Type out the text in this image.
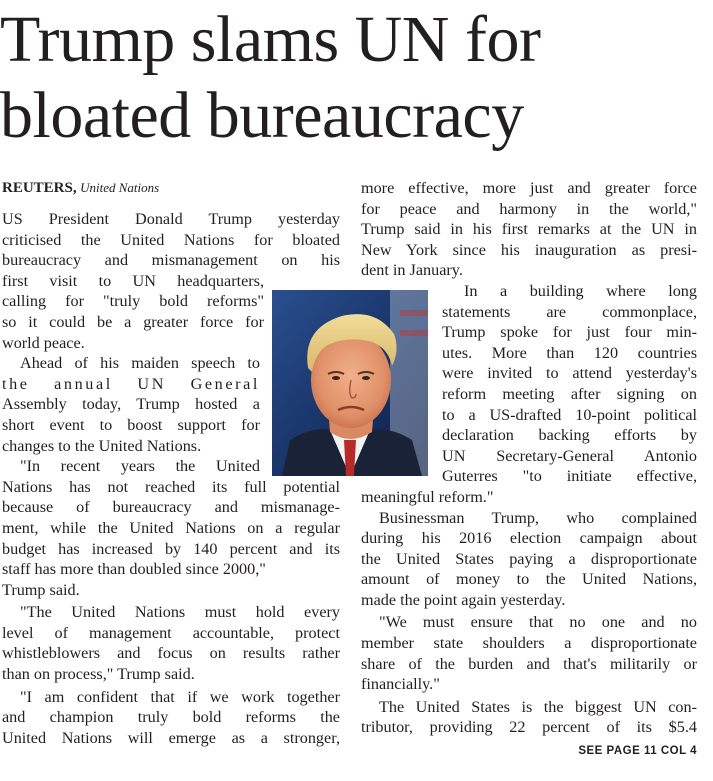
Trump slams UN for
bloated bureaucracy
REUTERS, United Nations

US President Donald Trump yesterday
criticised the United Nations for bloated
bureaucracy and mismanagement on his
first visit to UN headquarters,
calling for "truly bold reforms"
so it could be a greater force for
world peace.

Ahead of his maiden speech to
the annual UN General
Assembly today, Trump hosted a
short event to boost support for
changes to the United Nations.

"In recent years the United
Nations has not reached its full potential
because of bureaucracy and mismanage-
ment, while the United Nations on a regular
budget has increased by 140 percent and its
staff has more than doubled since 2000,"
Trump said.

"The United Nations must hold every
level of management accountable, protect
whistleblowers and focus on results rather
than on process," Trump said.

"I am confident that if we work together
and champion truly bold reforms the
United Nations will emerge as a stronger,

more effective, more just and greater force
for peace and harmony in the world,"
Trump said in his first remarks at the UN in
New York since his inauguration as presi-
dent in January.

In a building where long
statements are commonplace,
Trump spoke for just four min-
utes. More than 120 countries
were invited to attend yesterday's
reform meeting after signing on
to a US-drafted 10-point political
declaration backing efforts by
UN Secretary-General Antonio
Guterres "to initiate effective,
meaningful reform."

Businessman Trump, who complained
during his 2016 election campaign about
the United States paying a disproportionate
amount of money to the United Nations,
made the point again yesterday.

"We must ensure that no one and no
member state shoulders a disproportionate
share of the burden and that's militarily or
financially."

The United States is the biggest UN con-
tributor, providing 22 percent of its $5.4

SEE PAGE 11 COL 4
